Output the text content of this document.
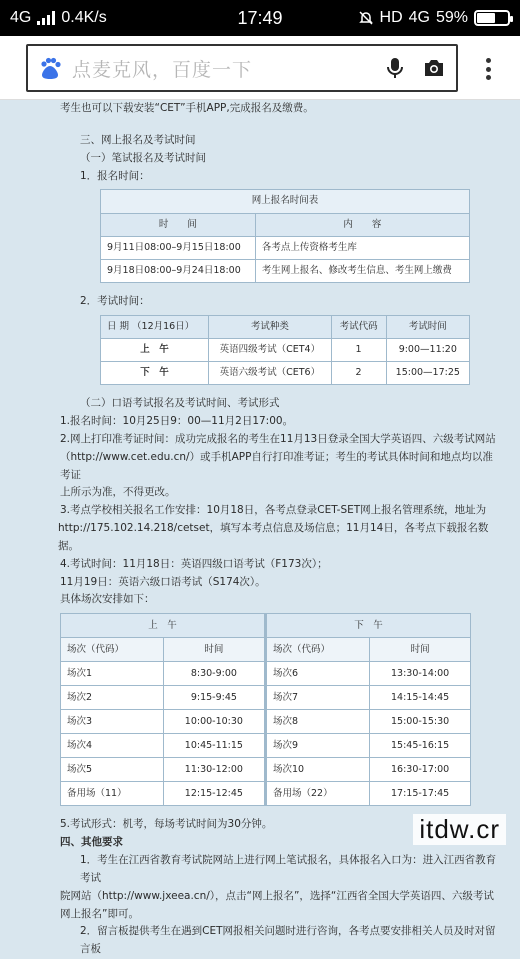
4G 0.4K/s	17:49	HD 4G 59%
点麦克风，百度一下

考生也可以下载安装“CET”手机APP,完成报名及缴费。

三、网上报名及考试时间

（一）笔试报名及考试时间

1．报名时间：

网上报名时间表	
时　　间	内　　容
9月11日08:00–9月15日18:00	各考点上传资格考生库
9月18日08:00–9月24日18:00	考生网上报名、修改考生信息、考生网上缴费

2．考试时间：

日 期 （12月16日）	考试种类	考试代码	考试时间
上　午	英语四级考试（CET4）	1	9:00—11:20
下　午	英语六级考试（CET6）	2	15:00—17:25

（二）口语考试报名及考试时间、考试形式

1.报名时间：10月25日9：00—11月2日17:00。

2.网上打印准考证时间：成功完成报名的考生在11月13日登录全国大学英语四、六级考试网站

（http://www.cet.edu.cn/）或手机APP自行打印准考证；考生的考试具体时间和地点均以准考证

上所示为准，不得更改。

3.考点学校相关报名工作安排：10月18日，各考点登录CET-SET网上报名管理系统，地址为

http://175.102.14.218/cetset，填写本考点信息及场信息；11月14日，各考点下载报名数据。

4.考试时间：11月18日：英语四级口语考试（F173次）；

11月19日：英语六级口语考试（S174次）。

具体场次安排如下：

上　午		下　午	
场次（代码）	时间	场次（代码）	时间
场次1	8:30-9:00	场次6	13:30-14:00
场次2	9:15-9:45	场次7	14:15-14:45
场次3	10:00-10:30	场次8	15:00-15:30
场次4	10:45-11:15	场次9	15:45-16:15
场次5	11:30-12:00	场次10	16:30-17:00
备用场（11）	12:15-12:45	备用场（22）	17:15-17:45

5.考试形式：机考，每场考试时间为30分钟。

四、其他要求

1．考生在江西省教育考试院网站上进行网上笔试报名，具体报名入口为：进入江西省教育考试

院网站（http://www.jxeea.cn/），点击“网上报名”，选择“江西省全国大学英语四、六级考试

网上报名”即可。

2．留言板提供考生在遇到CET网报相关问题时进行咨询，各考点要安排相关人员及时对留言板

itdw.cr
